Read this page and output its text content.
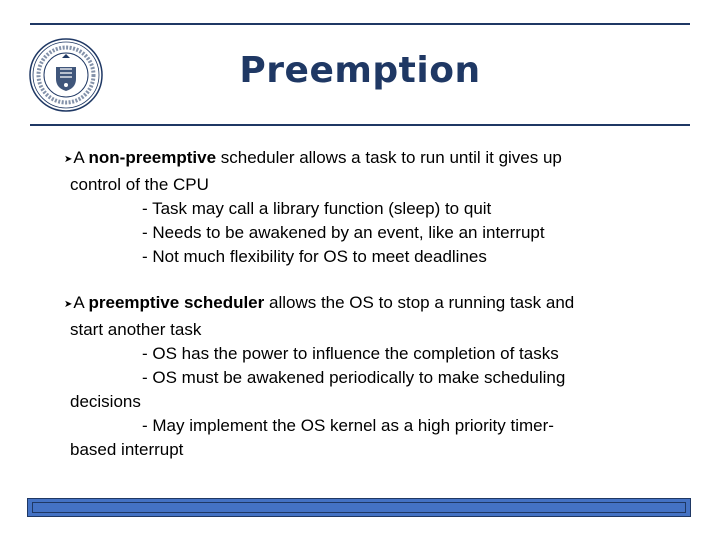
Preemption
➤A non-preemptive scheduler allows a task to run until it gives up
control of the CPU
- Task may call a library function (sleep) to quit
- Needs to be awakened by an event, like an interrupt
- Not much flexibility for OS to meet deadlines
➤A preemptive scheduler allows the OS to stop a running task and
start another task
- OS has the power to influence the completion of tasks
- OS must be awakened periodically to make scheduling
decisions
- May implement the OS kernel as a high priority timer-
based interrupt
